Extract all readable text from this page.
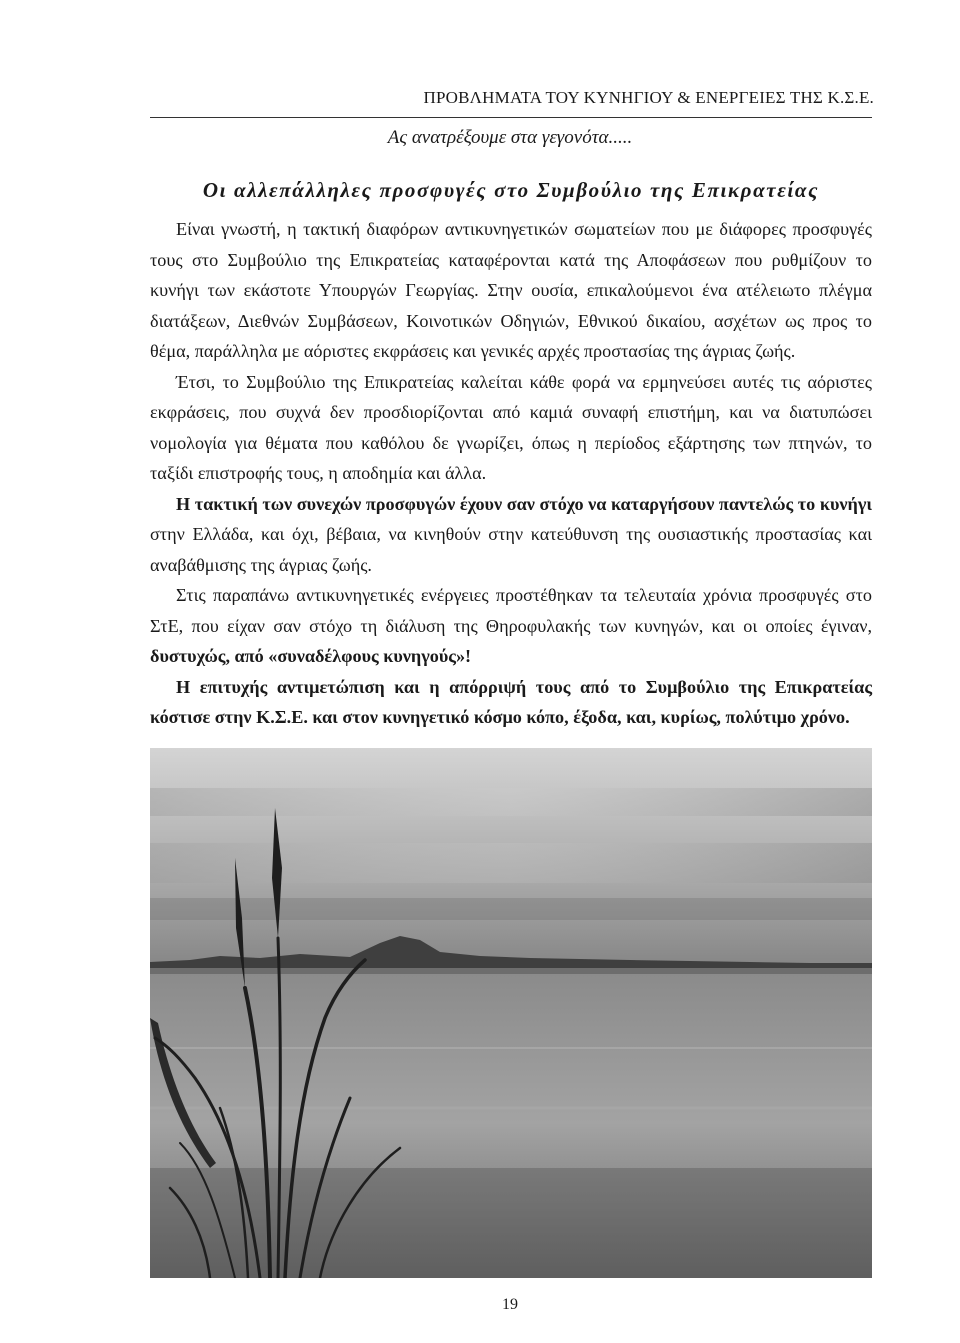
ΠΡΟΒΛΗΜΑΤΑ ΤΟΥ ΚΥΝΗΓΙΟΥ & ΕΝΕΡΓΕΙΕΣ ΤΗΣ Κ.Σ.Ε.
Ας ανατρέξουμε στα γεγονότα.....
Οι αλλεπάλληλες προσφυγές στο Συμβούλιο της Επικρατείας

Είναι γνωστή, η τακτική διαφόρων αντικυνηγετικών σωματείων που με διάφορες προσφυγές τους στο Συμβούλιο της Επικρατείας καταφέρονται κατά της Αποφάσεων που ρυθμίζουν το κυνήγι των εκάστοτε Υπουργών Γεωργίας. Στην ουσία, επικαλούμενοι ένα ατέλειωτο πλέγμα διατάξεων, Διεθνών Συμβάσεων, Κοινοτικών Οδηγιών, Εθνικού δικαίου, ασχέτων ως προς το θέμα, παράλληλα με αόριστες εκφράσεις και γενικές αρχές προστασίας της άγριας ζωής.

Έτσι, το Συμβούλιο της Επικρατείας καλείται κάθε φορά να ερμηνεύσει αυτές τις αόριστες εκφράσεις, που συχνά δεν προσδιορίζονται από καμιά συναφή επιστήμη, και να διατυπώσει νομολογία για θέματα που καθόλου δε γνωρίζει, όπως η περίοδος εξάρτησης των πτηνών, το ταξίδι επιστροφής τους, η αποδημία και άλλα.

Η τακτική των συνεχών προσφυγών έχουν σαν στόχο να καταργήσουν παντελώς το κυνήγι στην Ελλάδα, και όχι, βέβαια, να κινηθούν στην κατεύθυνση της ουσιαστικής προστασίας και αναβάθμισης της άγριας ζωής.

Στις παραπάνω αντικυνηγετικές ενέργειες προστέθηκαν τα τελευταία χρόνια προσφυγές στο ΣτΕ, που είχαν σαν στόχο τη διάλυση της Θηροφυλακής των κυνηγών, και οι οποίες έγιναν, δυστυχώς, από «συναδέλφους κυνηγούς»!

Η επιτυχής αντιμετώπιση και η απόρριψή τους από το Συμβούλιο της Επικρατείας κόστισε στην Κ.Σ.Ε. και στον κυνηγετικό κόσμο κόπο, έξοδα, και, κυρίως, πολύτιμο χρόνο.

19
